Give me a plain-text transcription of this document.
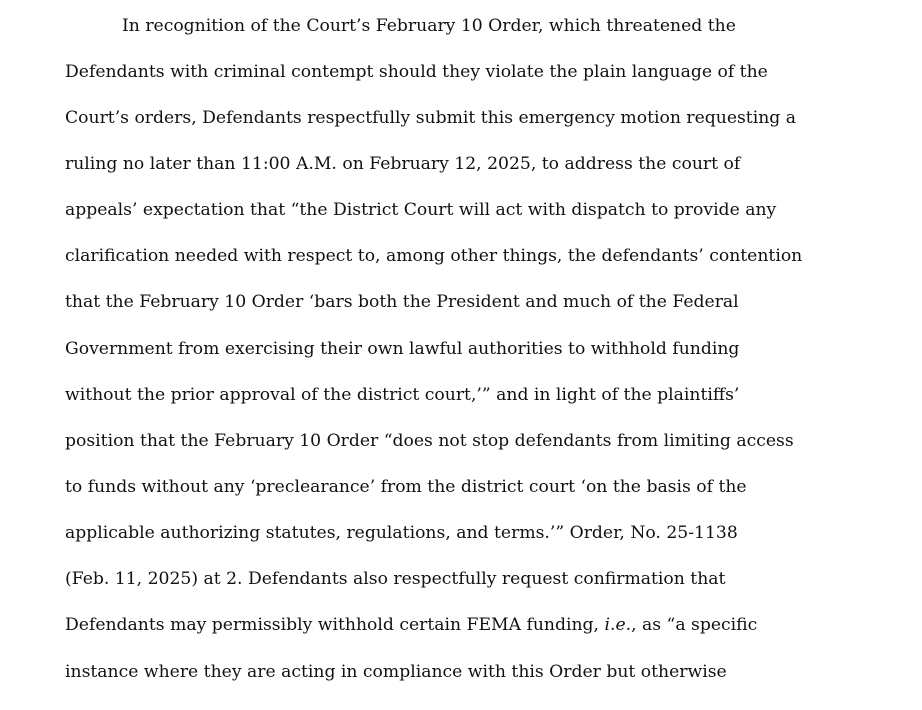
In recognition of the Court’s February 10 Order, which threatened the
Defendants with criminal contempt should they violate the plain language of the
Court’s orders, Defendants respectfully submit this emergency motion requesting a
ruling no later than 11:00 A.M. on February 12, 2025, to address the court of
appeals’ expectation that “the District Court will act with dispatch to provide any
clarification needed with respect to, among other things, the defendants’ contention
that the February 10 Order ‘bars both the President and much of the Federal
Government from exercising their own lawful authorities to withhold funding
without the prior approval of the district court,’” and in light of the plaintiffs’
position that the February 10 Order “does not stop defendants from limiting access
to funds without any ‘preclearance’ from the district court ‘on the basis of the
applicable authorizing statutes, regulations, and terms.’” Order, No. 25-1138
(Feb. 11, 2025) at 2. Defendants also respectfully request confirmation that
Defendants may permissibly withhold certain FEMA funding, i.e., as “a specific
instance where they are acting in compliance with this Order but otherwise
